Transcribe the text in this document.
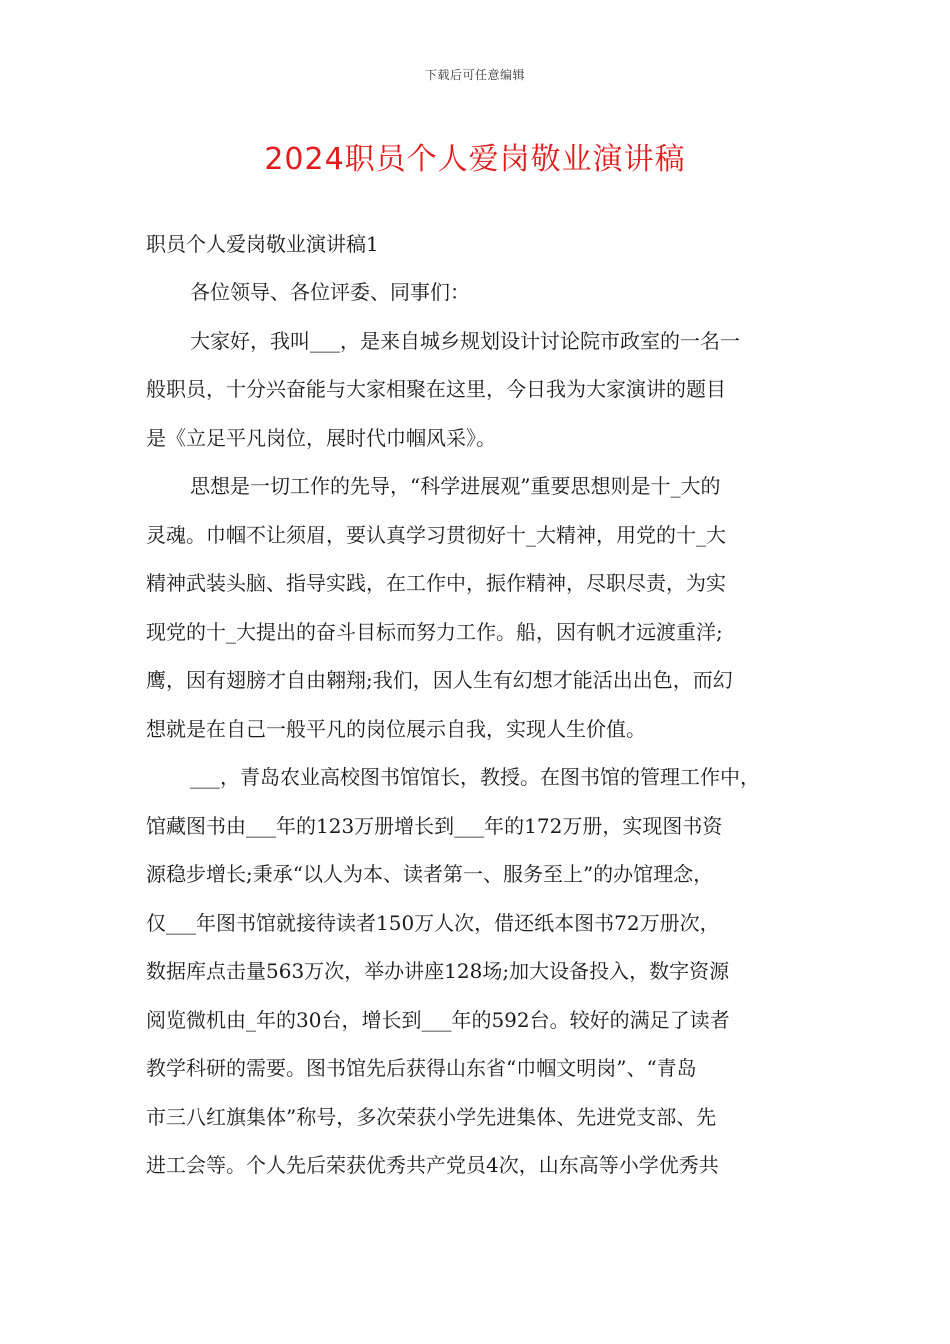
下载后可任意编辑
2024职员个人爱岗敬业演讲稿

职员个人爱岗敬业演讲稿1

各位领导、各位评委、同事们：
大家好，我叫___，是来自城乡规划设计讨论院市政室的一名一
般职员，十分兴奋能与大家相聚在这里，今日我为大家演讲的题目
是《立足平凡岗位，展时代巾帼风采》。
思想是一切工作的先导，“科学进展观”重要思想则是十_大的
灵魂。巾帼不让须眉，要认真学习贯彻好十_大精神，用党的十_大
精神武装头脑、指导实践，在工作中，振作精神，尽职尽责，为实
现党的十_大提出的奋斗目标而努力工作。船，因有帆才远渡重洋;
鹰，因有翅膀才自由翱翔;我们，因人生有幻想才能活出出色，而幻
想就是在自己一般平凡的岗位展示自我，实现人生价值。
___，青岛农业高校图书馆馆长，教授。在图书馆的管理工作中，
馆藏图书由___年的123万册增长到___年的172万册，实现图书资
源稳步增长;秉承“以人为本、读者第一、服务至上”的办馆理念，
仅___年图书馆就接待读者150万人次，借还纸本图书72万册次，
数据库点击量563万次，举办讲座128场;加大设备投入，数字资源
阅览微机由_年的30台，增长到___年的592台。较好的满足了读者
教学科研的需要。图书馆先后获得山东省“巾帼文明岗”、“青岛
市三八红旗集体”称号，多次荣获小学先进集体、先进党支部、先
进工会等。个人先后荣获优秀共产党员4次，山东高等小学优秀共
